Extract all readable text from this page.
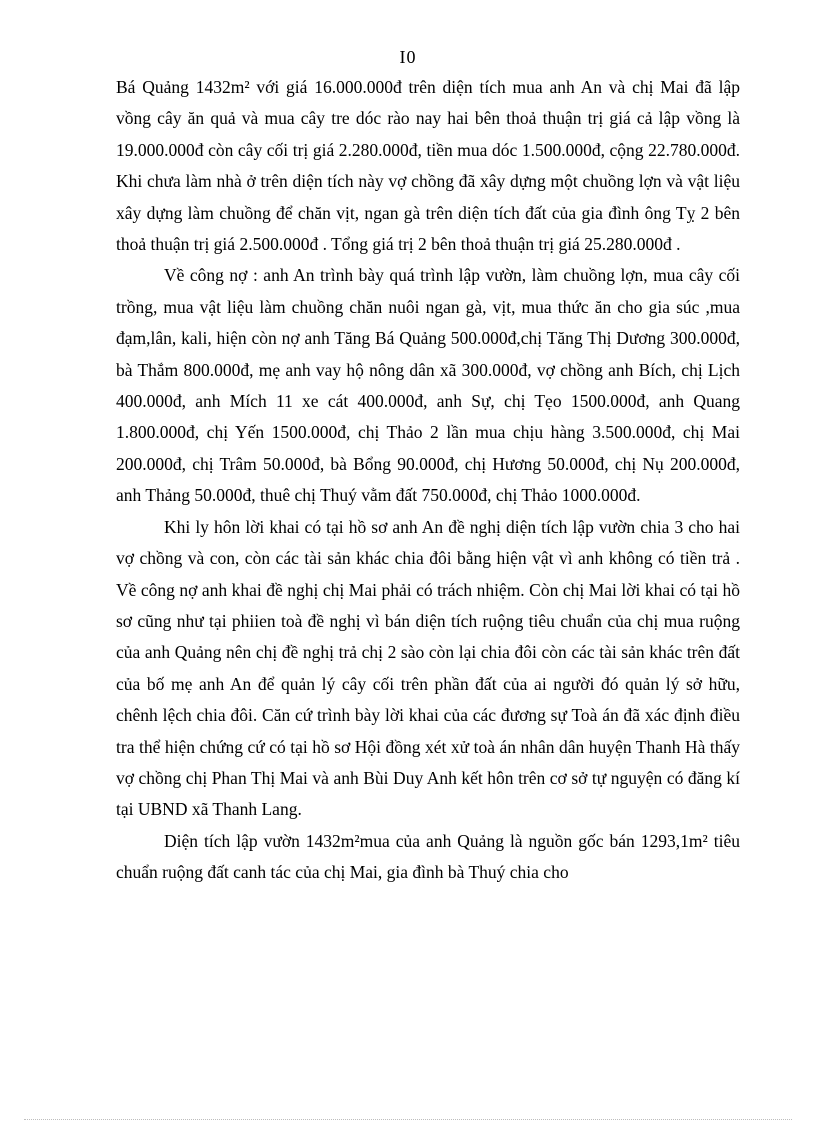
I0

Bá Quảng 1432m² với giá 16.000.000đ trên diện tích mua anh An và chị Mai đã lập vồng cây ăn quả và mua cây tre dóc rào nay hai bên thoả thuận trị giá cả lập vồng là 19.000.000đ còn cây cối trị giá 2.280.000đ, tiền mua dóc 1.500.000đ, cộng 22.780.000đ. Khi chưa làm nhà ở trên diện tích này vợ chồng đã xây dựng một chuồng lợn và vật liệu xây dựng làm chuồng để chăn vịt, ngan gà trên diện tích đất của gia đình ông Tỵ 2 bên thoả thuận trị giá 2.500.000đ . Tổng giá trị 2 bên thoả thuận trị giá 25.280.000đ .

Về công nợ : anh An trình bày quá trình lập vườn, làm chuồng lợn, mua cây cối trồng, mua vật liệu làm chuồng chăn nuôi ngan gà, vịt, mua thức ăn cho gia súc ,mua đạm,lân, kali, hiện còn nợ anh Tăng Bá Quảng 500.000đ,chị Tăng Thị Dương 300.000đ, bà Thắm 800.000đ, mẹ anh vay hộ nông dân xã 300.000đ, vợ chồng anh Bích, chị Lịch 400.000đ, anh Mích 11 xe cát 400.000đ, anh Sự, chị Tẹo 1500.000đ, anh Quang 1.800.000đ, chị Yến 1500.000đ, chị Thảo 2 lần mua chịu hàng 3.500.000đ, chị Mai 200.000đ, chị Trâm 50.000đ, bà Bổng 90.000đ, chị Hương 50.000đ, chị Nụ 200.000đ, anh Thảng 50.000đ, thuê chị Thuý vằm đất 750.000đ, chị Thảo 1000.000đ.

Khi ly hôn lời khai có tại hồ sơ anh An đề nghị diện tích lập vườn chia 3 cho hai vợ chồng và con, còn các tài sản khác chia đôi bằng hiện vật vì anh không có tiền trả . Về công nợ anh khai đề nghị chị Mai phải có trách nhiệm. Còn chị Mai lời khai có tại hồ sơ cũng như tại phiien toà đề nghị vì bán diện tích ruộng tiêu chuẩn của chị mua ruộng của anh Quảng nên chị đề nghị trả chị 2 sào còn lại chia đôi còn các tài sản khác trên đất của bố mẹ anh An để quản lý cây cối trên phần đất của ai người đó quản lý sở hữu, chênh lệch chia đôi. Căn cứ trình bày lời khai của các đương sự Toà án đã xác định điều tra thể hiện chứng cứ có tại hồ sơ Hội đồng xét xử toà án nhân dân huyện Thanh Hà thấy vợ chồng chị Phan Thị Mai và anh Bùi Duy Anh kết hôn trên cơ sở tự nguyện có đăng kí tại UBND xã Thanh Lang.

Diện tích lập vườn 1432m²mua của anh Quảng là nguồn gốc bán 1293,1m² tiêu chuẩn ruộng đất canh tác của chị Mai, gia đình bà Thuý chia cho
